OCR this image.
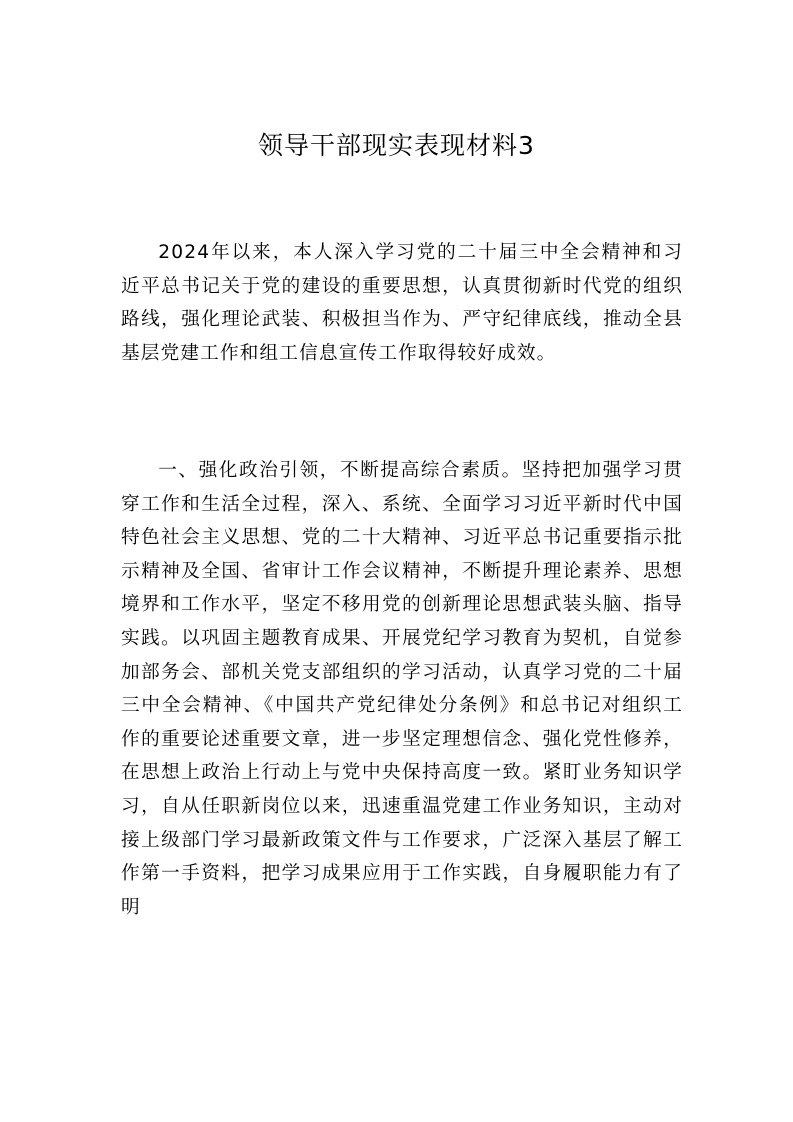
领导干部现实表现材料3

2024年以来，本人深入学习党的二十届三中全会精神和习近平总书记关于党的建设的重要思想，认真贯彻新时代党的组织路线，强化理论武装、积极担当作为、严守纪律底线，推动全县基层党建工作和组工信息宣传工作取得较好成效。

一、强化政治引领，不断提高综合素质。坚持把加强学习贯穿工作和生活全过程，深入、系统、全面学习习近平新时代中国特色社会主义思想、党的二十大精神、习近平总书记重要指示批示精神及全国、省审计工作会议精神，不断提升理论素养、思想境界和工作水平，坚定不移用党的创新理论思想武装头脑、指导实践。以巩固主题教育成果、开展党纪学习教育为契机，自觉参加部务会、部机关党支部组织的学习活动，认真学习党的二十届三中全会精神、《中国共产党纪律处分条例》和总书记对组织工作的重要论述重要文章，进一步坚定理想信念、强化党性修养，在思想上政治上行动上与党中央保持高度一致。紧盯业务知识学习，自从任职新岗位以来，迅速重温党建工作业务知识，主动对接上级部门学习最新政策文件与工作要求，广泛深入基层了解工作第一手资料，把学习成果应用于工作实践，自身履职能力有了明
